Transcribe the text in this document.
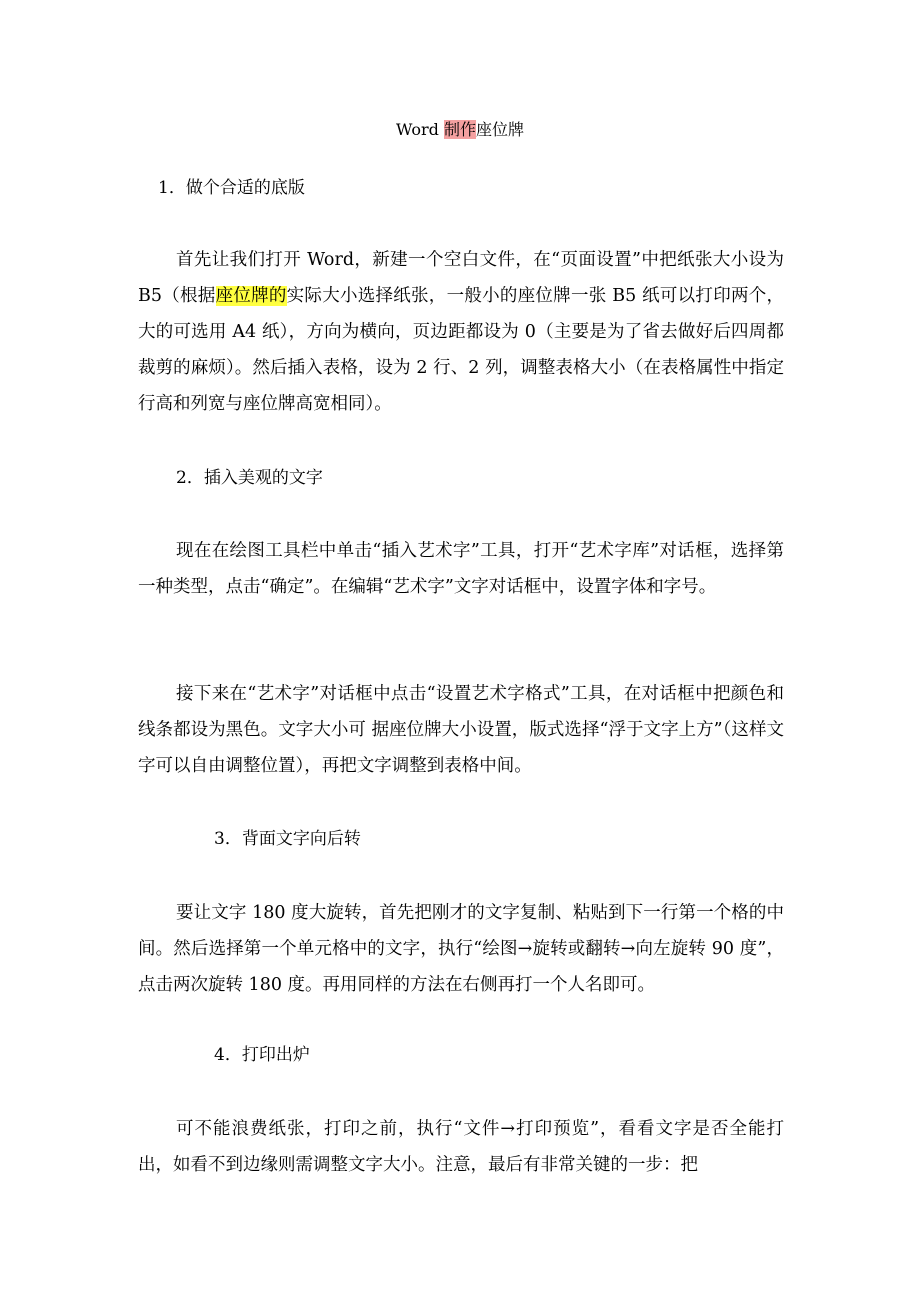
Word 制作座位牌
1．做个合适的底版
首先让我们打开 Word，新建一个空白文件，在“页面设置”中把纸张大小设为 B5（根据座位牌的实际大小选择纸张，一般小的座位牌一张 B5 纸可以打印两个，大的可选用 A4 纸），方向为横向，页边距都设为 0（主要是为了省去做好后四周都裁剪的麻烦）。然后插入表格，设为 2 行、2 列，调整表格大小（在表格属性中指定行高和列宽与座位牌高宽相同）。
2．插入美观的文字
现在在绘图工具栏中单击“插入艺术字”工具，打开“艺术字库”对话框，选择第一种类型，点击“确定”。在编辑“艺术字”文字对话框中，设置字体和字号。
接下来在“艺术字”对话框中点击“设置艺术字格式”工具，在对话框中把颜色和线条都设为黑色。文字大小可 据座位牌大小设置，版式选择“浮于文字上方”（这样文字可以自由调整位置），再把文字调整到表格中间。
3．背面文字向后转
要让文字 180 度大旋转，首先把刚才的文字复制、粘贴到下一行第一个格的中间。然后选择第一个单元格中的文字，执行“绘图→旋转或翻转→向左旋转 90 度”，点击两次旋转 180 度。再用同样的方法在右侧再打一个人名即可。
4．打印出炉
可不能浪费纸张，打印之前，执行“文件→打印预览”，看看文字是否全能打出，如看不到边缘则需调整文字大小。注意，最后有非常关键的一步：把
